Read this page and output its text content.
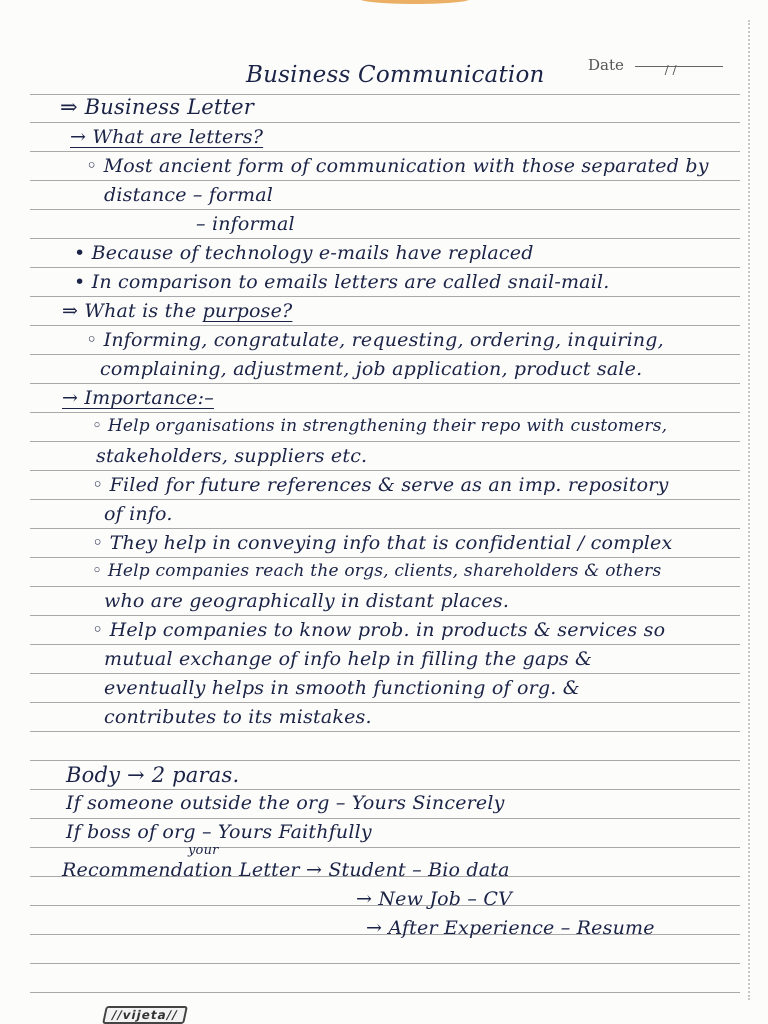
Date	/ /
Business Communication
⇒ Business Letter
→ What are letters?
◦ Most ancient form of communication with those separated by
distance – formal
– informal
• Because of technology e-mails have replaced
• In comparison to emails letters are called snail-mail.
⇒ What is the purpose?
◦ Informing, congratulate, requesting, ordering, inquiring,
complaining, adjustment, job application, product sale.
→ Importance:–
◦ Help organisations in strengthening their repo with customers,
stakeholders, suppliers etc.
◦ Filed for future references & serve as an imp. repository
of info.
◦ They help in conveying info that is confidential / complex
◦ Help companies reach the orgs, clients, shareholders & others
who are geographically in distant places.
◦ Help companies to know prob. in products & services so
mutual exchange of info help in filling the gaps &
eventually helps in smooth functioning of org. &
contributes to its mistakes.
Body → 2 paras.
If someone outside the org – Yours Sincerely
If boss of org – Yours Faithfully
your
Recommendation Letter → Student – Bio data
→ New Job – CV
→ After Experience – Resume
//vijeta//
